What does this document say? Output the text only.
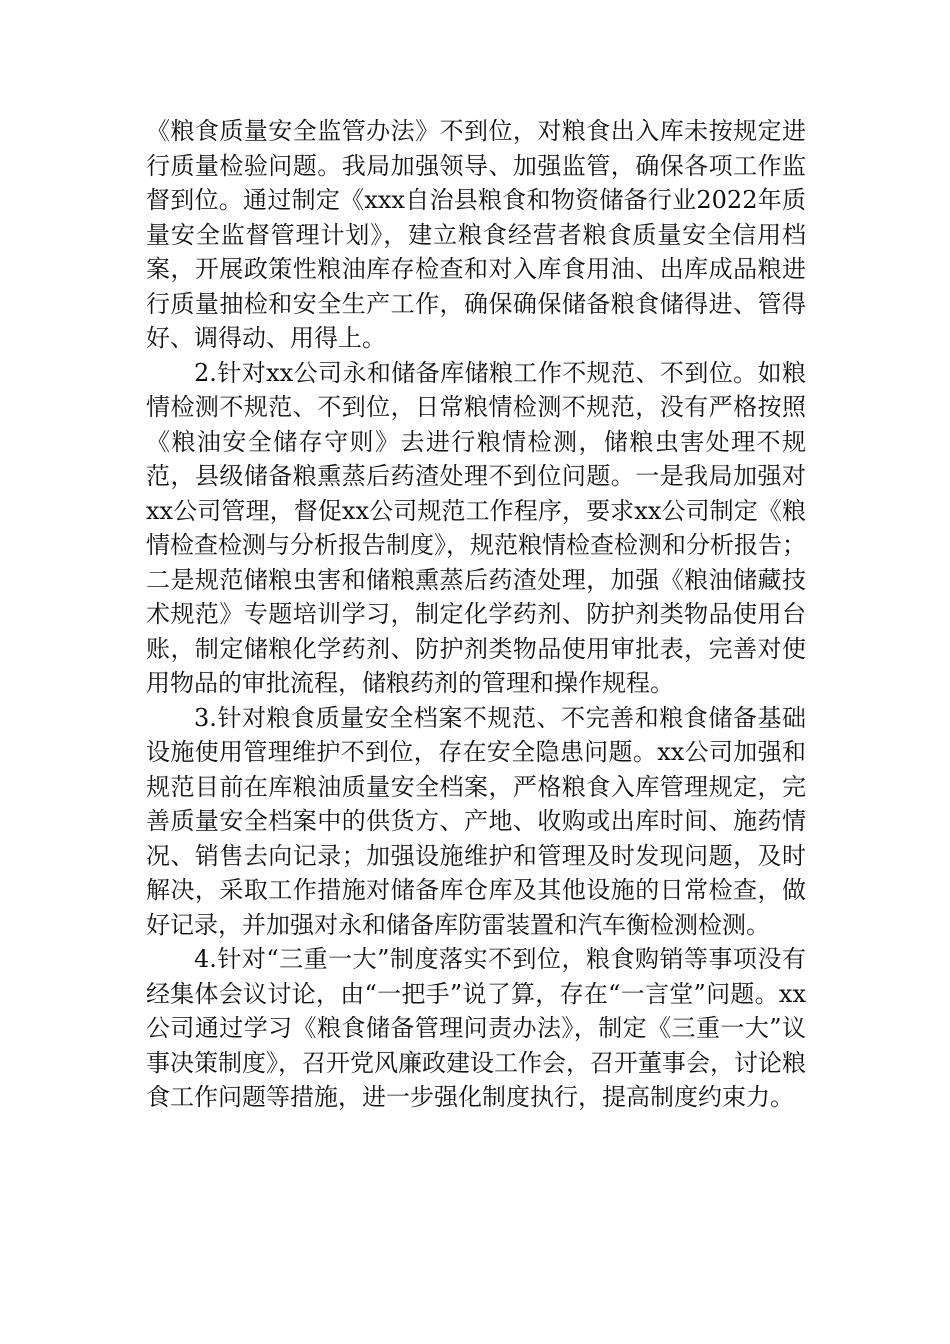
《粮食质量安全监管办法》不到位，对粮食出入库未按规定进行质量检验问题。我局加强领导、加强监管，确保各项工作监督到位。通过制定《xxx自治县粮食和物资储备行业2022年质量安全监督管理计划》，建立粮食经营者粮食质量安全信用档案，开展政策性粮油库存检查和对入库食用油、出库成品粮进行质量抽检和安全生产工作，确保确保储备粮食储得进、管得好、调得动、用得上。

2.针对xx公司永和储备库储粮工作不规范、不到位。如粮情检测不规范、不到位，日常粮情检测不规范，没有严格按照《粮油安全储存守则》去进行粮情检测，储粮虫害处理不规范，县级储备粮熏蒸后药渣处理不到位问题。一是我局加强对xx公司管理，督促xx公司规范工作程序，要求xx公司制定《粮情检查检测与分析报告制度》，规范粮情检查检测和分析报告；二是规范储粮虫害和储粮熏蒸后药渣处理，加强《粮油储藏技术规范》专题培训学习，制定化学药剂、防护剂类物品使用台账，制定储粮化学药剂、防护剂类物品使用审批表，完善对使用物品的审批流程，储粮药剂的管理和操作规程。

3.针对粮食质量安全档案不规范、不完善和粮食储备基础设施使用管理维护不到位，存在安全隐患问题。xx公司加强和规范目前在库粮油质量安全档案，严格粮食入库管理规定，完善质量安全档案中的供货方、产地、收购或出库时间、施药情况、销售去向记录；加强设施维护和管理及时发现问题，及时解决，采取工作措施对储备库仓库及其他设施的日常检查，做好记录，并加强对永和储备库防雷装置和汽车衡检测检测。

4.针对“三重一大”制度落实不到位，粮食购销等事项没有经集体会议讨论，由“一把手”说了算，存在“一言堂”问题。xx公司通过学习《粮食储备管理问责办法》，制定《三重一大”议事决策制度》，召开党风廉政建设工作会，召开董事会，讨论粮食工作问题等措施，进一步强化制度执行，提高制度约束力。
